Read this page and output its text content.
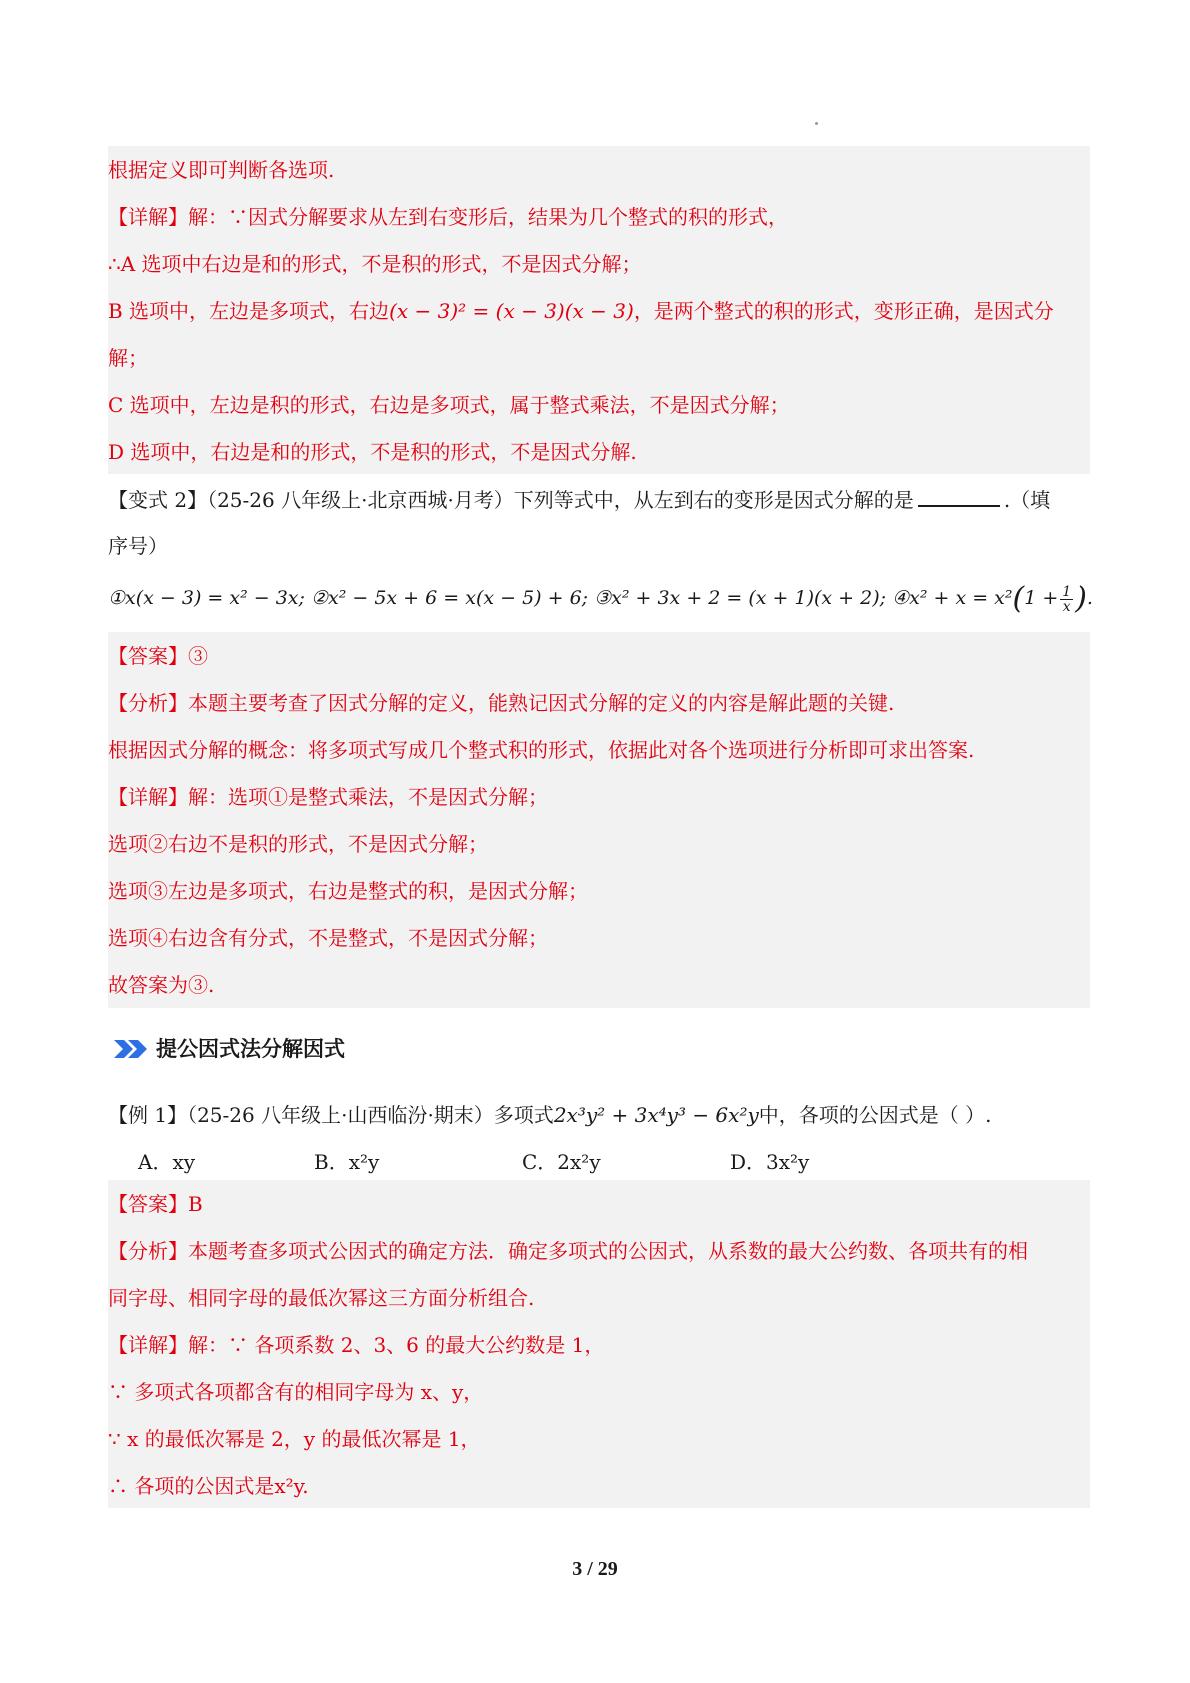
根据定义即可判断各选项.
【详解】解：∵因式分解要求从左到右变形后，结果为几个整式的积的形式，
∴A 选项中右边是和的形式，不是积的形式，不是因式分解；
B 选项中，左边是多项式，右边(x − 3)² = (x − 3)(x − 3)，是两个整式的积的形式，变形正确，是因式分
解；
C 选项中，左边是积的形式，右边是多项式，属于整式乘法，不是因式分解；
D 选项中，右边是和的形式，不是积的形式，不是因式分解.
【变式 2】（25-26 八年级上·北京西城·月考）下列等式中，从左到右的变形是因式分解的是	.（填
序号）
①x(x − 3) = x² − 3x; ②x² − 5x + 6 = x(x − 5) + 6; ③x² + 3x + 2 = (x + 1)(x + 2); ④x² + $x = x^2(1 + \frac{1}{x}$ ).
【答案】③
【分析】本题主要考查了因式分解的定义，能熟记因式分解的定义的内容是解此题的关键.
根据因式分解的概念：将多项式写成几个整式积的形式，依据此对各个选项进行分析即可求出答案.
【详解】解：选项①是整式乘法，不是因式分解；
选项②右边不是积的形式，不是因式分解；
选项③左边是多项式，右边是整式的积，是因式分解；
选项④右边含有分式，不是整式，不是因式分解；
故答案为③.
提公因式法分解因式
【例 1】（25-26 八年级上·山西临汾·期末）多项式2x³y² + 3x⁴y³ − 6x²y中，各项的公因式是（ ）.
A．xy	B．x²y	C．2x²y	D．3x²y
【答案】B
【分析】本题考查多项式公因式的确定方法．确定多项式的公因式，从系数的最大公约数、各项共有的相
同字母、相同字母的最低次幂这三方面分析组合.
【详解】解：∵ 各项系数 2、3、6 的最大公约数是 1，
∵ 多项式各项都含有的相同字母为 x、y，
∵ x 的最低次幂是 2，y 的最低次幂是 1，
∴ 各项的公因式是x²y.
3 / 29
